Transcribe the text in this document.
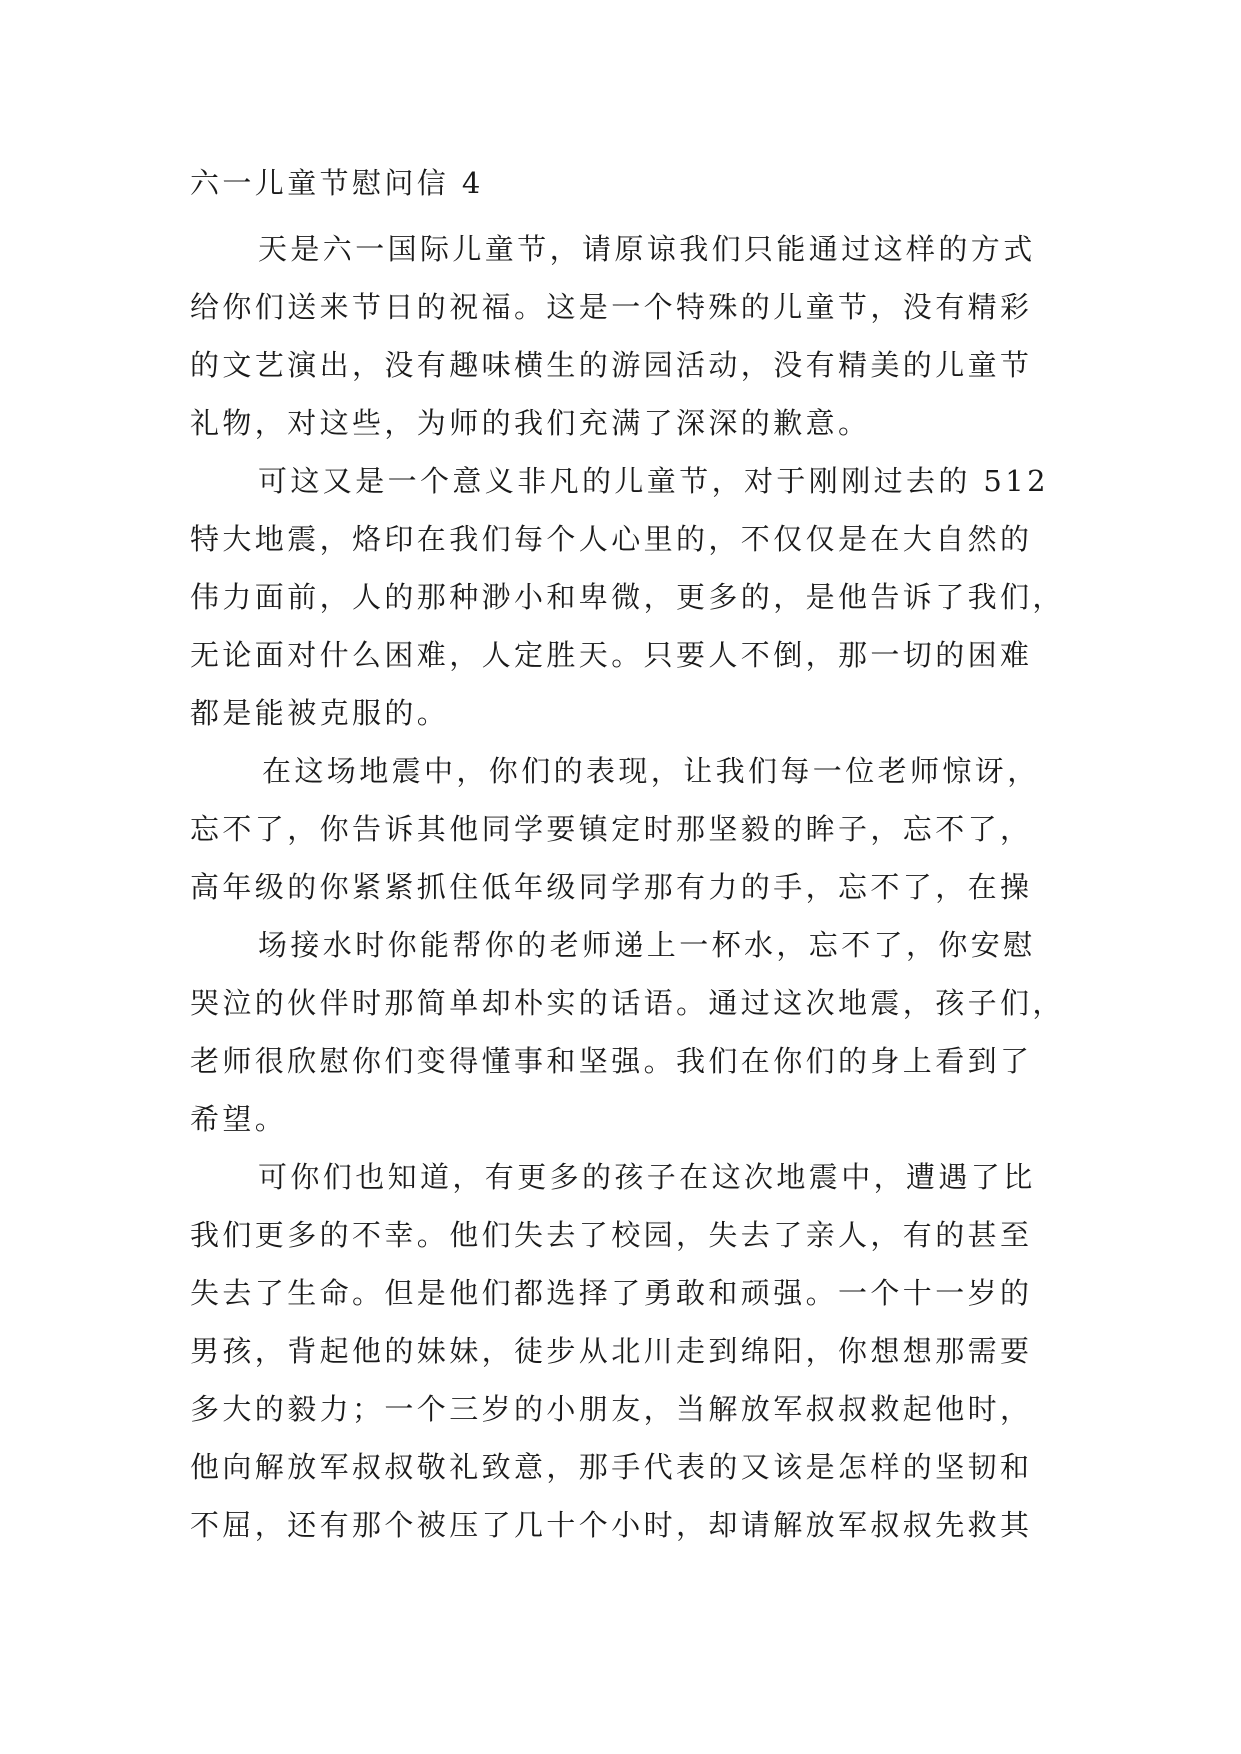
六一儿童节慰问信 4
天是六一国际儿童节，请原谅我们只能通过这样的方式
给你们送来节日的祝福。这是一个特殊的儿童节，没有精彩
的文艺演出，没有趣味横生的游园活动，没有精美的儿童节
礼物，对这些，为师的我们充满了深深的歉意。
可这又是一个意义非凡的儿童节，对于刚刚过去的 512
特大地震，烙印在我们每个人心里的，不仅仅是在大自然的
伟力面前，人的那种渺小和卑微，更多的，是他告诉了我们，
无论面对什么困难，人定胜天。只要人不倒，那一切的困难
都是能被克服的。
在这场地震中，你们的表现，让我们每一位老师惊讶，
忘不了，你告诉其他同学要镇定时那坚毅的眸子，忘不了，
高年级的你紧紧抓住低年级同学那有力的手，忘不了，在操
场接水时你能帮你的老师递上一杯水，忘不了，你安慰
哭泣的伙伴时那简单却朴实的话语。通过这次地震，孩子们，
老师很欣慰你们变得懂事和坚强。我们在你们的身上看到了
希望。
可你们也知道，有更多的孩子在这次地震中，遭遇了比
我们更多的不幸。他们失去了校园，失去了亲人，有的甚至
失去了生命。但是他们都选择了勇敢和顽强。一个十一岁的
男孩，背起他的妹妹，徒步从北川走到绵阳，你想想那需要
多大的毅力；一个三岁的小朋友，当解放军叔叔救起他时，
他向解放军叔叔敬礼致意，那手代表的又该是怎样的坚韧和
不屈，还有那个被压了几十个小时，却请解放军叔叔先救其
